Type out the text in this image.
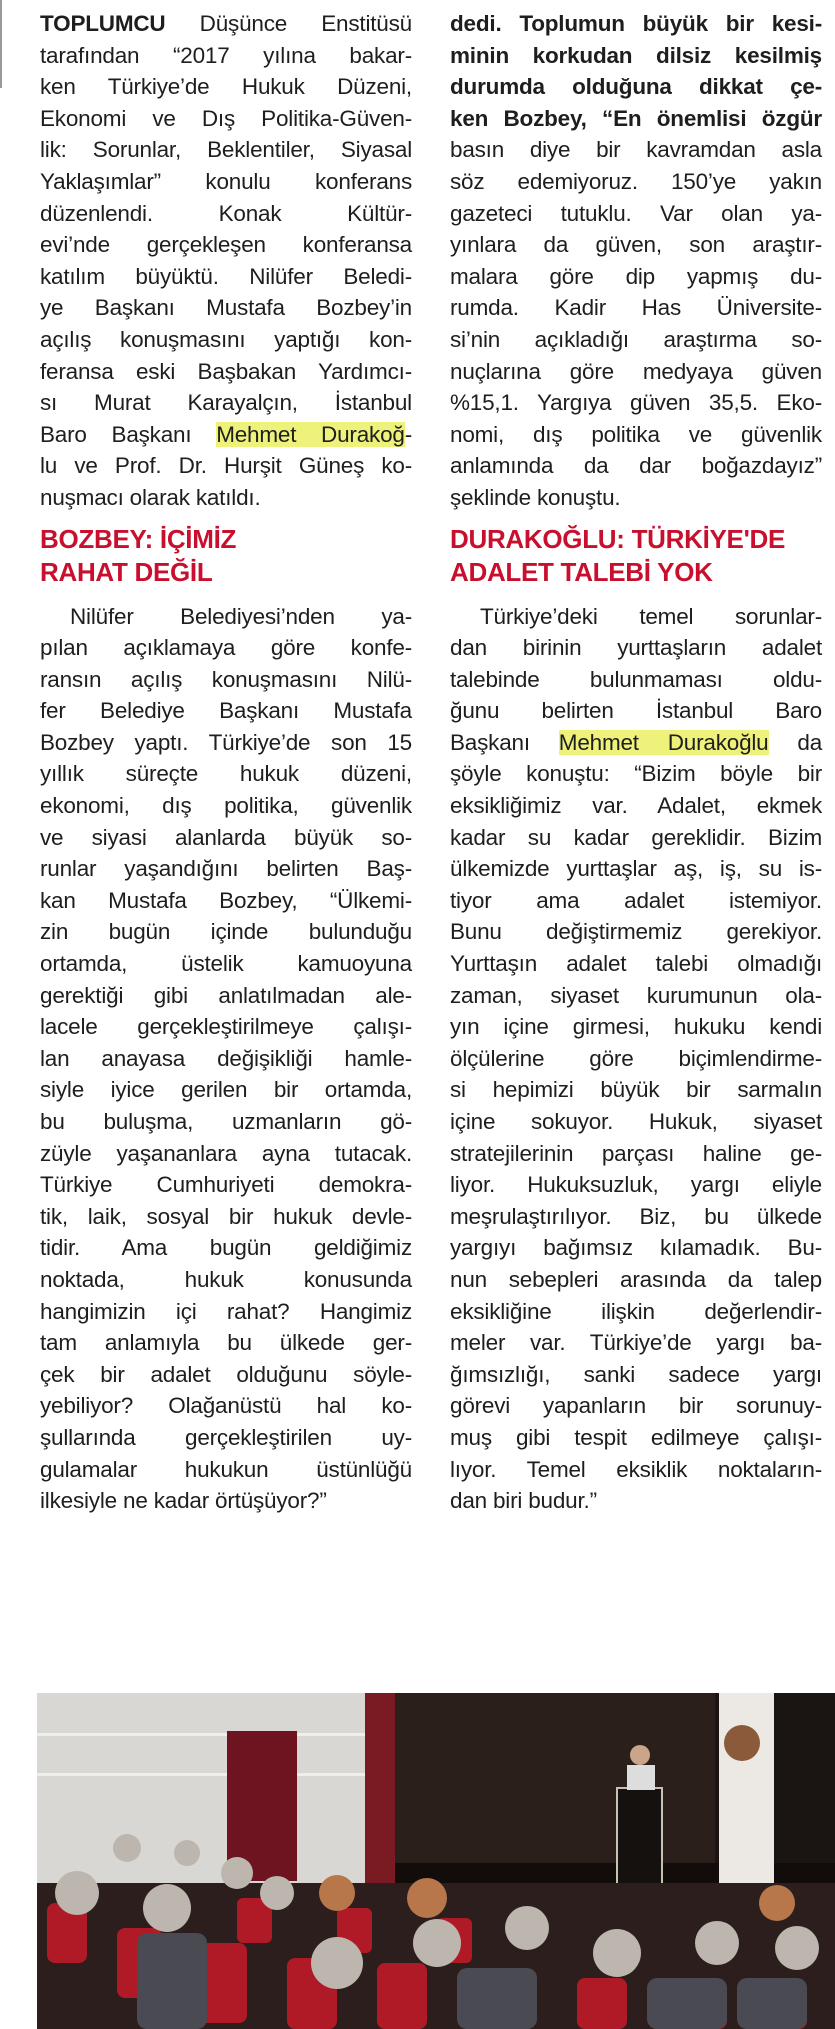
TOPLUMCU Düşünce Enstitüsü
tarafından “2017 yılına bakar-
ken Türkiye’de Hukuk Düzeni,
Ekonomi ve Dış Politika-Güven-
lik: Sorunlar, Beklentiler, Siyasal
Yaklaşımlar” konulu konferans
düzenlendi. Konak Kültür-
evi’nde gerçekleşen konferansa
katılım büyüktü. Nilüfer Beledi-
ye Başkanı Mustafa Bozbey’in
açılış konuşmasını yaptığı kon-
feransa eski Başbakan Yardımcı-
sı Murat Karayalçın, İstanbul
Baro Başkanı Mehmet Durakoğ-
lu ve Prof. Dr. Hurşit Güneş ko-
nuşmacı olarak katıldı.
BOZBEY: İÇİMİZ
RAHAT DEĞİL
Nilüfer Belediyesi’nden ya-
pılan açıklamaya göre konfe-
ransın açılış konuşmasını Nilü-
fer Belediye Başkanı Mustafa
Bozbey yaptı. Türkiye’de son 15
yıllık süreçte hukuk düzeni,
ekonomi, dış politika, güvenlik
ve siyasi alanlarda büyük so-
runlar yaşandığını belirten Baş-
kan Mustafa Bozbey, “Ülkemi-
zin bugün içinde bulunduğu
ortamda, üstelik kamuoyuna
gerektiği gibi anlatılmadan ale-
lacele gerçekleştirilmeye çalışı-
lan anayasa değişikliği hamle-
siyle iyice gerilen bir ortamda,
bu buluşma, uzmanların gö-
züyle yaşananlara ayna tutacak.
Türkiye Cumhuriyeti demokra-
tik, laik, sosyal bir hukuk devle-
tidir. Ama bugün geldiğimiz
noktada, hukuk konusunda
hangimizin içi rahat? Hangimiz
tam anlamıyla bu ülkede ger-
çek bir adalet olduğunu söyle-
yebiliyor? Olağanüstü hal ko-
şullarında gerçekleştirilen uy-
gulamalar hukukun üstünlüğü
ilkesiyle ne kadar örtüşüyor?”
dedi. Toplumun büyük bir kesi-
minin korkudan dilsiz kesilmiş
durumda olduğuna dikkat çe-
ken Bozbey, “En önemlisi özgür
basın diye bir kavramdan asla
söz edemiyoruz. 150’ye yakın
gazeteci tutuklu. Var olan ya-
yınlara da güven, son araştır-
malara göre dip yapmış du-
rumda. Kadir Has Üniversite-
si’nin açıkladığı araştırma so-
nuçlarına göre medyaya güven
%15,1. Yargıya güven 35,5. Eko-
nomi, dış politika ve güvenlik
anlamında da dar boğazdayız”
şeklinde konuştu.
DURAKOĞLU: TÜRKİYE'DE
ADALET TALEBİ YOK
Türkiye’deki temel sorunlar-
dan birinin yurttaşların adalet
talebinde bulunmaması oldu-
ğunu belirten İstanbul Baro
Başkanı Mehmet Durakoğlu da
şöyle konuştu: “Bizim böyle bir
eksikliğimiz var. Adalet, ekmek
kadar su kadar gereklidir. Bizim
ülkemizde yurttaşlar aş, iş, su is-
tiyor ama adalet istemiyor.
Bunu değiştirmemiz gerekiyor.
Yurttaşın adalet talebi olmadığı
zaman, siyaset kurumunun ola-
yın içine girmesi, hukuku kendi
ölçülerine göre biçimlendirme-
si hepimizi büyük bir sarmalın
içine sokuyor. Hukuk, siyaset
stratejilerinin parçası haline ge-
liyor. Hukuksuzluk, yargı eliyle
meşrulaştırılıyor. Biz, bu ülkede
yargıyı bağımsız kılamadık. Bu-
nun sebepleri arasında da talep
eksikliğine ilişkin değerlendir-
meler var. Türkiye’de yargı ba-
ğımsızlığı, sanki sadece yargı
görevi yapanların bir sorunuy-
muş gibi tespit edilmeye çalışı-
lıyor. Temel eksiklik noktaların-
dan biri budur.”
